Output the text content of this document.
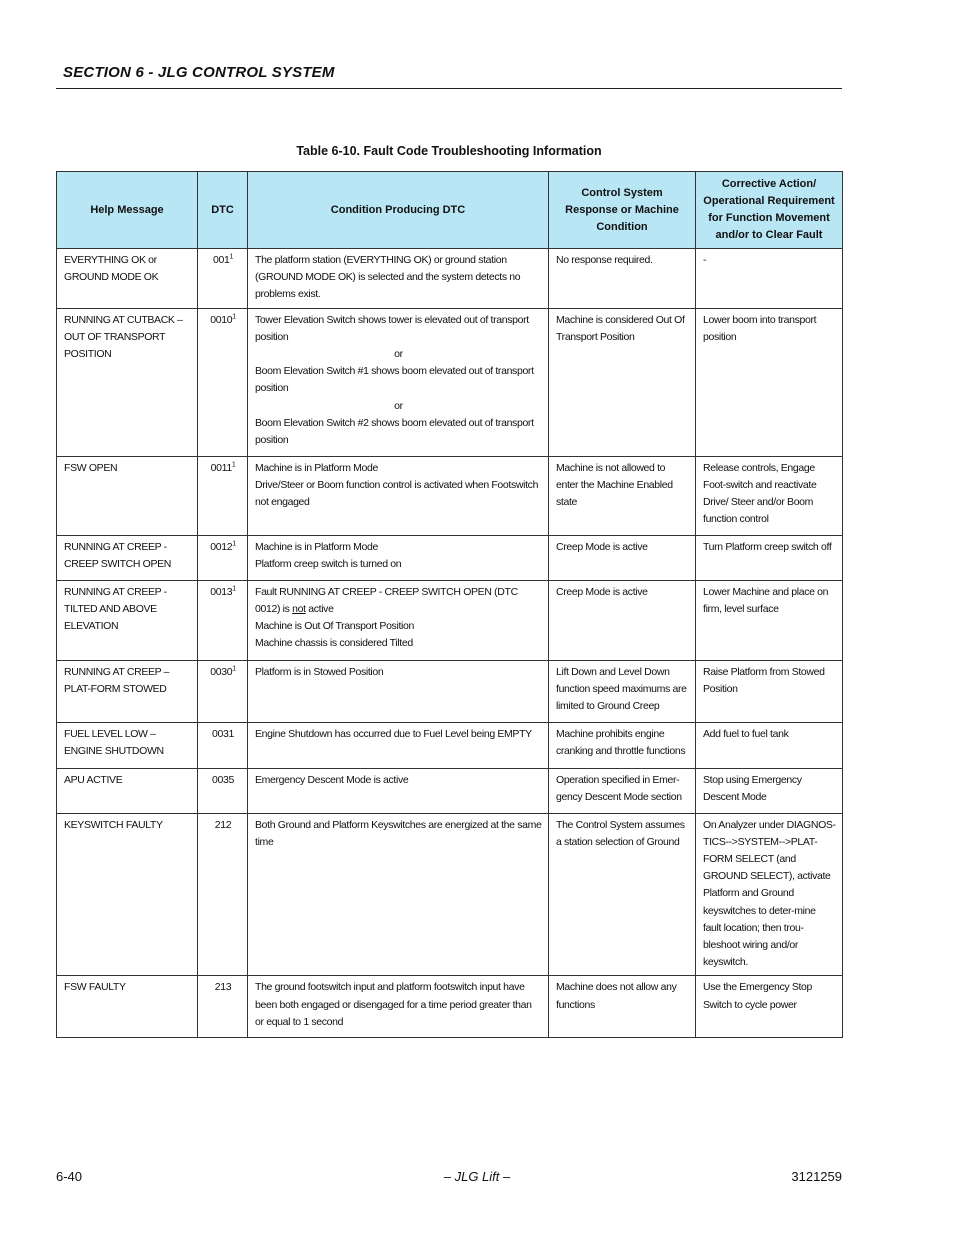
SECTION 6 - JLG CONTROL SYSTEM
Table 6-10. Fault Code Troubleshooting Information
Help Message	DTC	Condition Producing DTC	Control System Response or Machine Condition	Corrective Action/ Operational Requirement for Function Movement and/or to Clear Fault
EVERYTHING OK or GROUND MODE OK	$001^1$	The platform station (EVERYTHING OK) or ground station (GROUND MODE OK) is selected and the system detects no problems exist.	No response required.	-
RUNNING AT CUTBACK – OUT OF TRANSPORT POSITION	0010$^1$	Tower Elevation Switch shows tower is elevated out of transport position
or
Boom Elevation Switch #1 shows boom elevated out of transport position
or
Boom Elevation Switch #2 shows boom elevated out of transport position	Machine is considered Out Of Transport Position	Lower boom into transport position
FSW OPEN	0011$^1$	Machine is in Platform Mode
Drive/Steer or Boom function control is activated when Footswitch not engaged	Machine is not allowed to enter the Machine Enabled state	Release controls, Engage Foot-switch and reactivate Drive/ Steer and/or Boom function control
RUNNING AT CREEP - CREEP SWITCH OPEN	0012$^1$	Machine is in Platform Mode
Platform creep switch is turned on	Creep Mode is active	Turn Platform creep switch off
RUNNING AT CREEP - TILTED AND ABOVE ELEVATION	0013$^1$	Fault RUNNING AT CREEP - CREEP SWITCH OPEN (DTC 0012) is not active
Machine is Out Of Transport Position
Machine chassis is considered Tilted	Creep Mode is active	Lower Machine and place on firm, level surface
RUNNING AT CREEP – PLAT-FORM STOWED	0030$^1$	Platform is in Stowed Position	Lift Down and Level Down function speed maximums are limited to Ground Creep	Raise Platform from Stowed Position
FUEL LEVEL LOW – ENGINE SHUTDOWN	0031	Engine Shutdown has occurred due to Fuel Level being EMPTY	Machine prohibits engine cranking and throttle functions	Add fuel to fuel tank
APU ACTIVE	0035	Emergency Descent Mode is active	Operation specified in Emer-gency Descent Mode section	Stop using Emergency Descent Mode
KEYSWITCH FAULTY	212	Both Ground and Platform Keyswitches are energized at the same time	The Control System assumes a station selection of Ground	On Analyzer under DIAGNOS-TICS-->SYSTEM-->PLAT-FORM SELECT (and GROUND SELECT), activate Platform and Ground keyswitches to deter-mine fault location; then trou-bleshoot wiring and/or keyswitch.
FSW FAULTY	213	The ground footswitch input and platform footswitch input have been both engaged or disengaged for a time period greater than or equal to 1 second	Machine does not allow any functions	Use the Emergency Stop Switch to cycle power
6-40	– JLG Lift –	3121259
